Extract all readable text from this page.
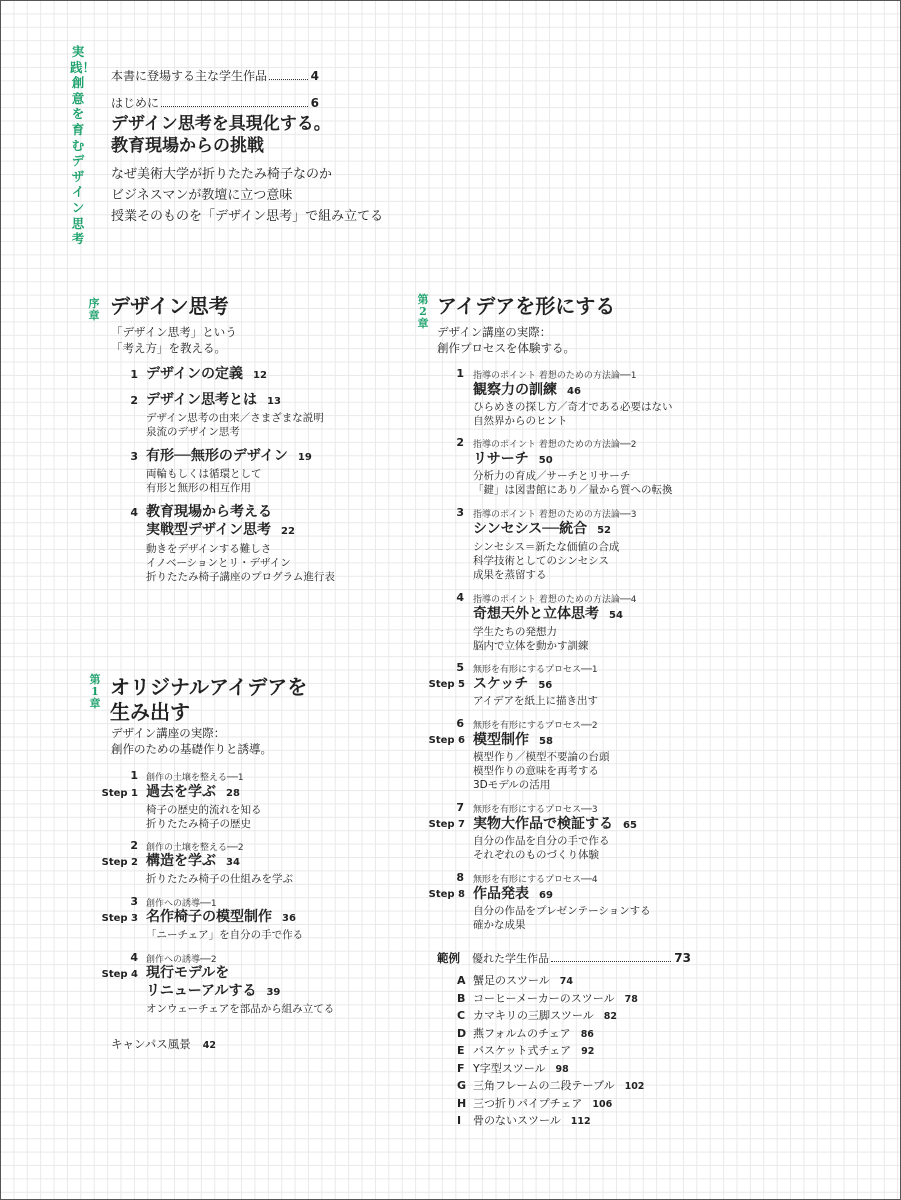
実践！創意を育むデザイン思考
本書に登場する主な学生作品	4
はじめに	6
デザイン思考を具現化する。
教育現場からの挑戦
なぜ美術大学が折りたたみ椅子なのか
ビジネスマンが教壇に立つ意味
授業そのものを「デザイン思考」で組み立てる
序章 デザイン思考
「デザイン思考」という
「考え方」を教える。
1 デザインの定義 12
2 デザイン思考とは 13
デザイン思考の由来／さまざまな説明
泉流のデザイン思考
3 有形──無形のデザイン 19
両輪もしくは循環として
有形と無形の相互作用
4 教育現場から考える
実戦型デザイン思考 22
動きをデザインする難しさ
イノベーションとリ・デザイン
折りたたみ椅子講座のプログラム進行表
第
1
章
オリジナルアイデアを
生み出す
デザイン講座の実際：
創作のための基礎作りと誘導。
1 創作の土壌を整える──1
Step 1 過去を学ぶ 28
椅子の歴史的流れを知る
折りたたみ椅子の歴史
2 創作の土壌を整える──2
Step 2 構造を学ぶ 34
折りたたみ椅子の仕組みを学ぶ
3 創作への誘導──1
Step 3 名作椅子の模型制作 36
「ニーチェア」を自分の手で作る
4 創作への誘導──2
Step 4 現行モデルを
リニューアルする 39
オンウェーチェアを部品から組み立てる
キャンパス風景 42
第
2
章
アイデアを形にする
デザイン講座の実際：
創作プロセスを体験する。
1 指導のポイント 着想のための方法論──1
観察力の訓練 46
ひらめきの探し方／奇才である必要はない
自然界からのヒント
2 指導のポイント 着想のための方法論──2
リサーチ 50
分析力の育成／サーチとリサーチ
「鍵」は図書館にあり／量から質への転換
3 指導のポイント 着想のための方法論──3
シンセシス──統合 52
シンセシス＝新たな価値の合成
科学技術としてのシンセシス
成果を蒸留する
4 指導のポイント 着想のための方法論──4
奇想天外と立体思考 54
学生たちの発想力
脳内で立体を動かす訓練
5 無形を有形にするプロセス──1
Step 5 スケッチ 56
アイデアを紙上に描き出す
6 無形を有形にするプロセス──2
Step 6 模型制作 58
模型作り／模型不要論の台頭
模型作りの意味を再考する
3Dモデルの活用
7 無形を有形にするプロセス──3
Step 7 実物大作品で検証する 65
自分の作品を自分の手で作る
それぞれのものづくり体験
8 無形を有形にするプロセス──4
Step 8 作品発表 69
自分の作品をプレゼンテーションする
確かな成果
範例 優れた学生作品	73
A 蟹足のスツール 74
B コーヒーメーカーのスツール 78
C カマキリの三脚スツール 82
D 燕フォルムのチェア 86
E バスケット式チェア 92
F Y字型スツール 98
G 三角フレームの二段テーブル 102
H 三つ折りパイプチェア 106
I 骨のないスツール 112
